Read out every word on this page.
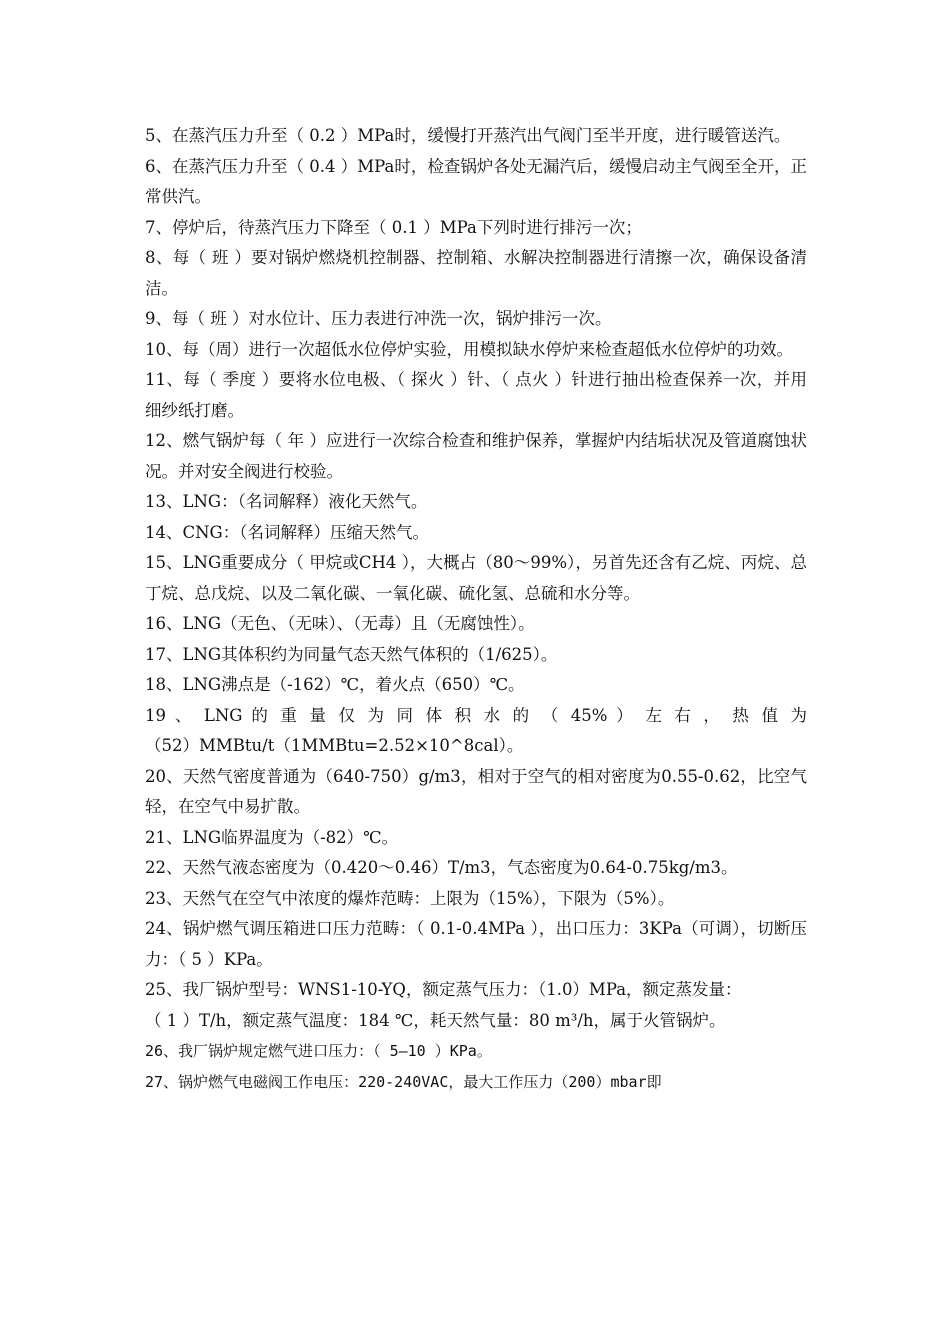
5、在蒸汽压力升至（ 0.2 ）MPa时，缓慢打开蒸汽出气阀门至半开度，进行暖管送汽。
6、在蒸汽压力升至（ 0.4 ）MPa时，检查锅炉各处无漏汽后，缓慢启动主气阀至全开，正常供汽。
7、停炉后，待蒸汽压力下降至（ 0.1 ）MPa下列时进行排污一次；
8、每（ 班 ）要对锅炉燃烧机控制器、控制箱、水解决控制器进行清擦一次，确保设备清洁。
9、每（ 班 ）对水位计、压力表进行冲洗一次，锅炉排污一次。
10、每（周）进行一次超低水位停炉实验，用模拟缺水停炉来检查超低水位停炉的功效。
11、每（ 季度 ）要将水位电极、（ 探火 ）针、（ 点火 ）针进行抽出检查保养一次，并用细纱纸打磨。
12、燃气锅炉每（ 年 ）应进行一次综合检查和维护保养，掌握炉内结垢状况及管道腐蚀状况。并对安全阀进行校验。
13、LNG：（名词解释）液化天然气。
14、CNG：（名词解释）压缩天然气。
15、LNG重要成分（ 甲烷或CH4 ），大概占（80～99%），另首先还含有乙烷、丙烷、总丁烷、总戊烷、以及二氧化碳、一氧化碳、硫化氢、总硫和水分等。
16、LNG（无色、（无味）、（无毒）且（无腐蚀性）。
17、LNG其体积约为同量气态天然气体积的（1/625）。
18、LNG沸点是（-162）℃，着火点（650）℃。
19 、 LNG 的 重 量 仅 为 同 体 积 水 的 （ 45% ） 左 右 ， 热 值 为
（52）MMBtu/t（1MMBtu=2.52×10^8cal）。
20、天然气密度普通为（640-750）g/m3，相对于空气的相对密度为0.55-0.62，比空气轻，在空气中易扩散。
21、LNG临界温度为（-82）℃。
22、天然气液态密度为（0.420～0.46）T/m3，气态密度为0.64-0.75kg/m3。
23、天然气在空气中浓度的爆炸范畴：上限为（15%），下限为（5%）。
24、锅炉燃气调压箱进口压力范畴：（ 0.1-0.4MPa ），出口压力：3KPa（可调），切断压力：（ 5 ）KPa。
25、我厂锅炉型号：WNS1-10-YQ，额定蒸气压力：（1.0）MPa，额定蒸发量：
（ 1 ）T/h，额定蒸气温度：184 ℃，耗天然气量：80 m³/h，属于火管锅炉。
26、我厂锅炉规定燃气进口压力：（ 5—10 ）KPa。
27、锅炉燃气电磁阀工作电压：220-240VAC，最大工作压力（200）mbar即
